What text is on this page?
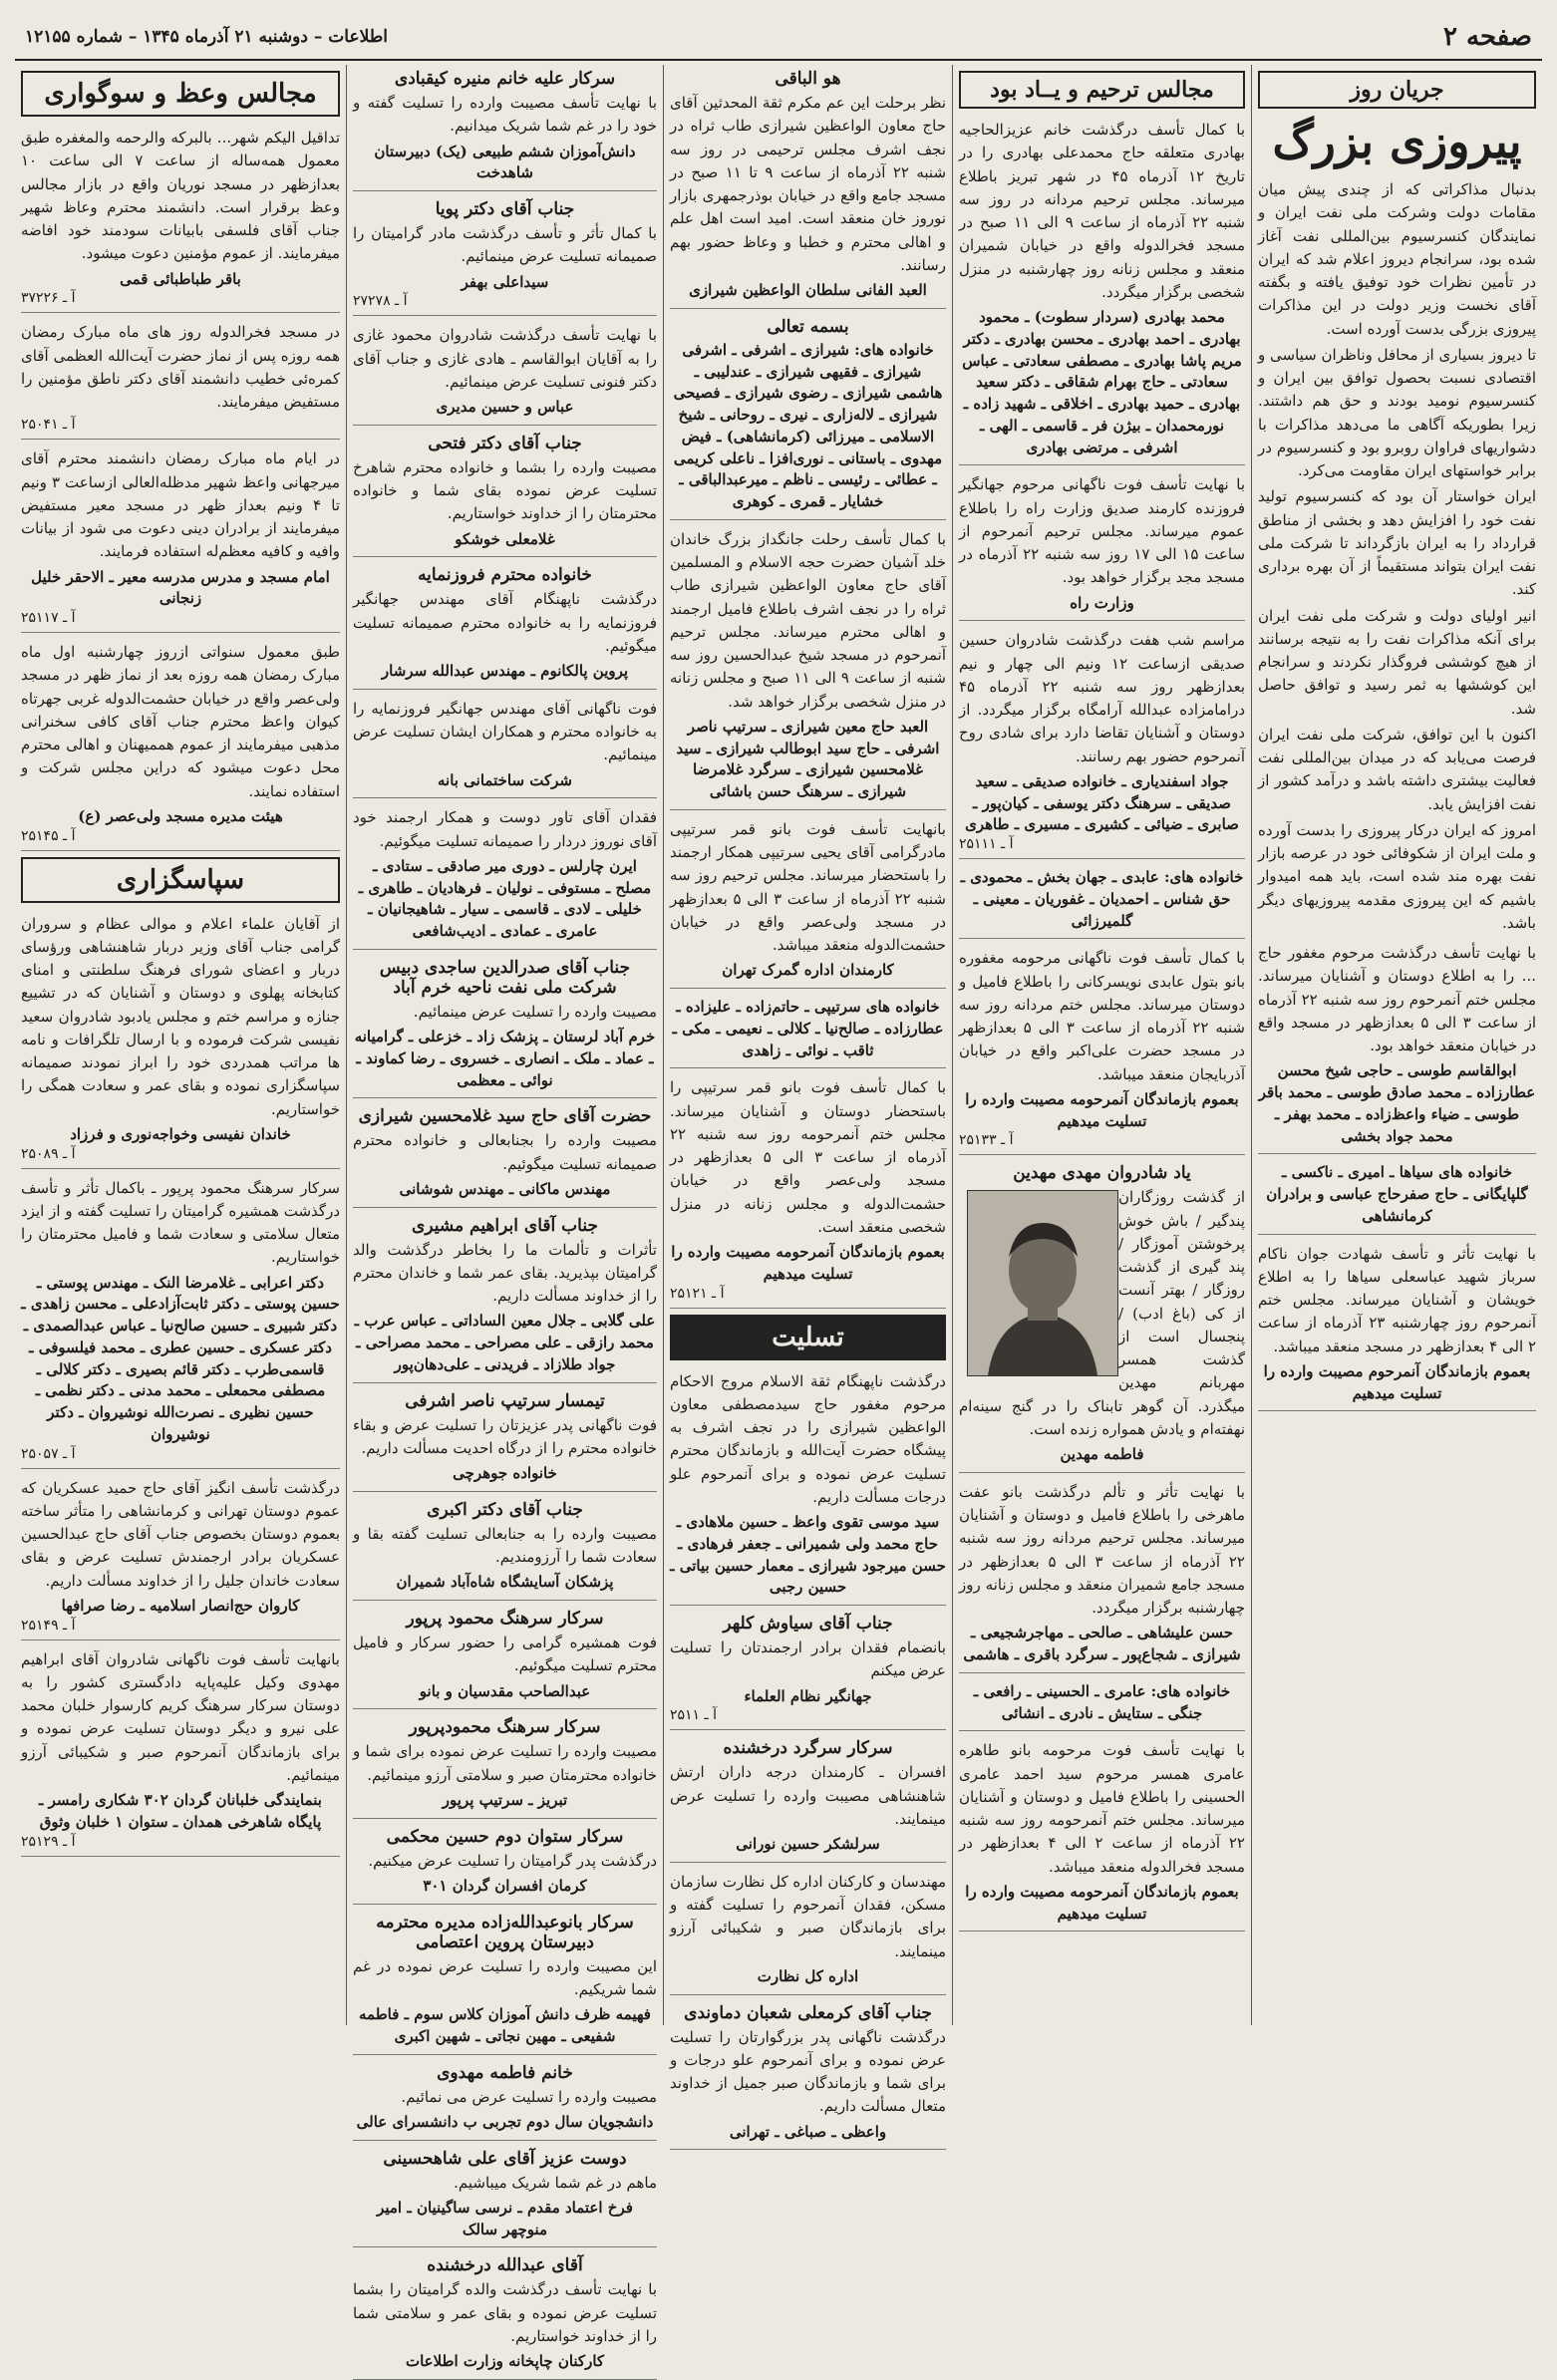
صفحه ۲
اطلاعات – دوشنبه ۲۱ آذرماه ۱۳۴۵ – شماره ۱۲۱۵۵
جریان روز
پیروزی بزرگ

بدنبال مذاکراتی که از چندی پیش میان مقامات دولت وشرکت ملی نفت ایران و نمایندگان کنسرسیوم بین‌المللی نفت آغاز شده بود، سرانجام دیروز اعلام شد که ایران در تأمین نظرات خود توفیق یافته و بگفته آقای نخست وزیر دولت در این مذاکرات پیروزی بزرگی بدست آورده است.

تا دیروز بسیاری از محافل وناظران سیاسی و اقتصادی نسبت بحصول توافق بین ایران و کنسرسیوم نومید بودند و حق هم داشتند. زیرا بطوریکه آگاهی ما می‌دهد مذاکرات با دشواریهای فراوان روبرو بود و کنسرسیوم در برابر خواستهای ایران مقاومت می‌کرد.

ایران خواستار آن بود که کنسرسیوم تولید نفت خود را افزایش دهد و بخشی از مناطق قرارداد را به ایران بازگرداند تا شرکت ملی نفت ایران بتواند مستقیماً از آن بهره برداری کند.

انیر اولیای دولت و شرکت ملی نفت ایران برای آنکه مذاکرات نفت را به نتیجه برسانند از هیچ کوششی فروگذار نکردند و سرانجام این کوششها به ثمر رسید و توافق حاصل شد.

اکنون با این توافق، شرکت ملی نفت ایران فرصت می‌یابد که در میدان بین‌المللی نفت فعالیت بیشتری داشته باشد و درآمد کشور از نفت افزایش یابد.

امروز که ایران درکار پیروزی را بدست آورده و ملت ایران از شکوفائی خود در عرصه بازار نفت بهره مند شده است، باید همه امیدوار باشیم که این پیروزی مقدمه پیروزیهای دیگر باشد.

با نهایت تأسف درگذشت مرحوم مغفور حاج ... را به اطلاع دوستان و آشنایان میرساند. مجلس ختم آنمرحوم روز سه شنبه ۲۲ آذرماه از ساعت ۳ الی ۵ بعدازظهر در مسجد واقع در خیابان منعقد خواهد بود.

ابوالقاسم طوسی ـ حاجی شیخ محسن عطارزاده ـ محمد صادق طوسی ـ محمد باقر طوسی ـ ضیاء واعظ‌زاده ـ محمد بهفر ـ محمد جواد بخشی
خانواده های سیاها ـ امیری ـ ناکسی ـ گلپایگانی ـ حاج صفرحاج عباسی و برادران کرمانشاهی

با نهایت تأثر و تأسف شهادت جوان ناکام سرباز شهید عباسعلی سیاها را به اطلاع خویشان و آشنایان میرساند. مجلس ختم آنمرحوم روز چهارشنبه ۲۳ آذرماه از ساعت ۲ الی ۴ بعدازظهر در مسجد منعقد میباشد.

بعموم بازماندگان آنمرحوم مصیبت وارده را تسلیت میدهیم
مجالس ترحیم و یــاد بود

با کمال تأسف درگذشت خانم عزیزالحاجیه بهادری متعلقه حاج محمدعلی بهادری را در تاریخ ۱۲ آذرماه ۴۵ در شهر تبریز باطلاع میرساند. مجلس ترحیم مردانه در روز سه شنبه ۲۲ آذرماه از ساعت ۹ الی ۱۱ صبح در مسجد فخرالدوله واقع در خیابان شمیران منعقد و مجلس زنانه روز چهارشنبه در منزل شخصی برگزار میگردد.

محمد بهادری (سردار سطوت) ـ محمود بهادری ـ احمد بهادری ـ محسن بهادری ـ دکتر مریم پاشا بهادری ـ مصطفی سعادتی ـ عباس سعادتی ـ حاج بهرام شقاقی ـ دکتر سعید بهادری ـ حمید بهادری ـ اخلاقی ـ شهید زاده ـ نورمحمدان ـ بیژن فر ـ قاسمی ـ الهی ـ اشرفی ـ مرتضی بهادری

با نهایت تأسف فوت ناگهانی مرحوم جهانگیر فروزنده کارمند صدیق وزارت راه را باطلاع عموم میرساند. مجلس ترحیم آنمرحوم از ساعت ۱۵ الی ۱۷ روز سه شنبه ۲۲ آذرماه در مسجد مجد برگزار خواهد بود.

وزارت راه

مراسم شب هفت درگذشت شادروان حسین صدیقی ازساعت ۱۲ ونیم الی چهار و نیم بعدازظهر روز سه شنبه ۲۲ آذرماه ۴۵ درامامزاده عبدالله آرامگاه برگزار میگردد. از دوستان و آشنایان تقاضا دارد برای شادی روح آنمرحوم حضور بهم رسانند.

جواد اسفندیاری ـ خانواده صدیقی ـ سعید صدیقی ـ سرهنگ دکتر یوسفی ـ کیان‌پور ـ صابری ـ ضیائی ـ کشیری ـ مسیری ـ طاهری
آ ـ ۲۵۱۱۱
خانواده های: عابدی ـ جهان بخش ـ محمودی ـ حق شناس ـ احمدیان ـ غفوریان ـ معینی ـ گلمیرزائی

با کمال تأسف فوت ناگهانی مرحومه مغفوره بانو بتول عابدی نویسرکانی را باطلاع فامیل و دوستان میرساند. مجلس ختم مردانه روز سه شنبه ۲۲ آذرماه از ساعت ۳ الی ۵ بعدازظهر در مسجد حضرت علی‌اکبر واقع در خیابان آذربایجان منعقد میباشد.

بعموم بازماندگان آنمرحومه مصیبت وارده را تسلیت میدهیم
آ ـ ۲۵۱۳۳
یاد شادروان مهدی مهدین

از گذشت روزگاران پندگیر / باش خوش پرخوشتن آموزگار / پند گیری از گذشت روزگار / بهتر آنست از کی (باغ ادب) / پنجسال است از گذشت همسر مهربانم مهدین میگذرد. آن گوهر تابناک را در گنج سینه‌ام نهفته‌ام و یادش همواره زنده است.

فاطمه مهدین

با نهایت تأثر و تألم درگذشت بانو عفت ماهرخی را باطلاع فامیل و دوستان و آشنایان میرساند. مجلس ترحیم مردانه روز سه شنبه ۲۲ آذرماه از ساعت ۳ الی ۵ بعدازظهر در مسجد جامع شمیران منعقد و مجلس زنانه روز چهارشنبه برگزار میگردد.

حسن علیشاهی ـ صالحی ـ مهاجرشجیعی ـ شیرازی ـ شجاع‌پور ـ سرگرد باقری ـ هاشمی
خانواده های: عامری ـ الحسینی ـ رافعی ـ جنگی ـ ستایش ـ نادری ـ انشائی

با نهایت تأسف فوت مرحومه بانو طاهره عامری همسر مرحوم سید احمد عامری الحسینی را باطلاع فامیل و دوستان و آشنایان میرساند. مجلس ختم آنمرحومه روز سه شنبه ۲۲ آذرماه از ساعت ۲ الی ۴ بعدازظهر در مسجد فخرالدوله منعقد میباشد.

بعموم بازماندگان آنمرحومه مصیبت وارده را تسلیت میدهیم
هو الباقی

نظر برحلت این عم مکرم ثقة المحدثین آقای حاج معاون الواعظین شیرازی طاب ثراه در نجف اشرف مجلس ترحیمی در روز سه شنبه ۲۲ آذرماه از ساعت ۹ تا ۱۱ صبح در مسجد جامع واقع در خیابان بوذرجمهری بازار نوروز خان منعقد است. امید است اهل علم و اهالی محترم و خطبا و وعاظ حضور بهم رسانند.

العبد الفانی سلطان الواعظین شیرازی
بسمه تعالی
خانواده های: شیرازی ـ اشرفی ـ اشرفی شیرازی ـ فقیهی شیرازی ـ عندلیبی ـ هاشمی شیرازی ـ رضوی شیرازی ـ فصیحی شیرازی ـ لاله‌زاری ـ نیری ـ روحانی ـ شیخ الاسلامی ـ میرزائی (کرمانشاهی) ـ فیض مهدوی ـ باستانی ـ نوری‌افزا ـ ناعلی کریمی ـ عطائی ـ رئیسی ـ ناظم ـ میرعبدالباقی ـ خشایار ـ قمری ـ کوهری

با کمال تأسف رحلت جانگداز بزرگ خاندان خلد آشیان حضرت حجه الاسلام و المسلمین آقای حاج معاون الواعظین شیرازی طاب ثراه را در نجف اشرف باطلاع فامیل ارجمند و اهالی محترم میرساند. مجلس ترحیم آنمرحوم در مسجد شیخ عبدالحسین روز سه شنبه از ساعت ۹ الی ۱۱ صبح و مجلس زنانه در منزل شخصی برگزار خواهد شد.

العبد حاج معین شیرازی ـ سرتیپ ناصر اشرفی ـ حاج سید ابوطالب شیرازی ـ سید غلامحسین شیرازی ـ سرگرد غلامرضا شیرازی ـ سرهنگ حسن باشائی

بانهایت تأسف فوت بانو قمر سرتیپی مادرگرامی آقای یحیی سرتیپی همکار ارجمند را باستحضار میرساند. مجلس ترحیم روز سه شنبه ۲۲ آذرماه از ساعت ۳ الی ۵ بعدازظهر در مسجد ولی‌عصر واقع در خیابان حشمت‌الدوله منعقد میباشد.

کارمندان اداره گمرک تهران
خانواده های سرتیپی ـ حاتم‌زاده ـ علیزاده ـ عطارزاده ـ صالح‌نیا ـ کلالی ـ نعیمی ـ مکی ـ ثاقب ـ نوائی ـ زاهدی

با کمال تأسف فوت بانو قمر سرتیپی را باستحضار دوستان و آشنایان میرساند. مجلس ختم آنمرحومه روز سه شنبه ۲۲ آذرماه از ساعت ۳ الی ۵ بعدازظهر در مسجد ولی‌عصر واقع در خیابان حشمت‌الدوله و مجلس زنانه در منزل شخصی منعقد است.

بعموم بازماندگان آنمرحومه مصیبت وارده را تسلیت میدهیم
آ ـ ۲۵۱۲۱
تسلیت

درگذشت ناپهنگام ثقة الاسلام مروج الاحکام مرحوم مغفور حاج سیدمصطفی معاون الواعظین شیرازی را در نجف اشرف به پیشگاه حضرت آیت‌الله و بازماندگان محترم تسلیت عرض نموده و برای آنمرحوم علو درجات مسألت داریم.

سید موسی تقوی واعظ ـ حسین ملاهادی ـ حاج محمد ولی شمیرانی ـ جعفر فرهادی ـ حسن میرجود شیرازی ـ معمار حسین بیاتی ـ حسین رجبی
جناب آقای سیاوش کلهر

بانضمام فقدان برادر ارجمندتان را تسلیت عرض میکنم

جهانگیر نظام العلماء
آ ـ ۲۵۱۱
سرکار سرگرد درخشنده

افسران ـ کارمندان درجه داران ارتش شاهنشاهی مصیبت وارده را تسلیت عرض مینمایند.

سرلشکر حسین نورانی

مهندسان و کارکنان اداره کل نظارت سازمان مسکن، فقدان آنمرحوم را تسلیت گفته و برای بازماندگان صبر و شکیبائی آرزو مینمایند.

اداره کل نظارت
جناب آقای کرمعلی شعبان دماوندی

درگذشت ناگهانی پدر بزرگوارتان را تسلیت عرض نموده و برای آنمرحوم علو درجات و برای شما و بازماندگان صبر جمیل از خداوند متعال مسألت داریم.

واعظی ـ صباغی ـ تهرانی
سرکار علیه خانم منیره کیقبادی

با نهایت تأسف مصیبت وارده را تسلیت گفته و خود را در غم شما شریک میدانیم.

دانش‌آموزان ششم طبیعی (یک) دبیرستان شاهدخت
جناب آقای دکتر پویا

با کمال تأثر و تأسف درگذشت مادر گرامیتان را صمیمانه تسلیت عرض مینمائیم.

سیداعلی بهفر
آ ـ ۲۷۲۷۸

با نهایت تأسف درگذشت شادروان محمود غازی را به آقایان ابوالقاسم ـ هادی غازی و جناب آقای دکتر فنونی تسلیت عرض مینمائیم.

عباس و حسین مدیری
جناب آقای دکتر فتحی

مصیبت وارده را بشما و خانواده محترم شاهرخ تسلیت عرض نموده بقای شما و خانواده محترمتان را از خداوند خواستاریم.

غلامعلی خوشکو
خانواده محترم فروزنمایه

درگذشت ناپهنگام آقای مهندس جهانگیر فروزنمایه را به خانواده محترم صمیمانه تسلیت میگوئیم.

پروین پالکانوم ـ مهندس عبدالله سرشار

فوت ناگهانی آقای مهندس جهانگیر فروزنمایه را به خانواده محترم و همکاران ایشان تسلیت عرض مینمائیم.

شرکت ساختمانی بانه

فقدان آقای تاور دوست و همکار ارجمند خود آقای نوروز دردار را صمیمانه تسلیت میگوئیم.

ایرن چارلس ـ دوری میر صادقی ـ ستادی ـ مصلح ـ مستوفی ـ نولیان ـ فرهادیان ـ طاهری ـ خلیلی ـ لادی ـ قاسمی ـ سیار ـ شاهیجانیان ـ عامری ـ عمادی ـ ادیب‌شافعی
جناب آقای صدرالدین ساجدی دبیس شرکت ملی نفت ناحیه خرم آباد

مصیبت وارده را تسلیت عرض مینمائیم.

خرم آباد لرستان ـ پزشک زاد ـ خزعلی ـ گرامیانه ـ عماد ـ ملک ـ انصاری ـ خسروی ـ رضا کماوند ـ نوائی ـ معظمی
حضرت آقای حاج سید غلامحسین شیرازی

مصیبت وارده را بجنابعالی و خانواده محترم صمیمانه تسلیت میگوئیم.

مهندس ماکانی ـ مهندس شوشانی
جناب آقای ابراهیم مشیری

تأثرات و تألمات ما را بخاطر درگذشت والد گرامیتان بپذیرید. بقای عمر شما و خاندان محترم را از خداوند مسألت داریم.

علی گلابی ـ جلال معین الساداتی ـ عباس عرب ـ محمد رازقی ـ علی مصراحی ـ محمد مصراحی ـ جواد طلازاد ـ فریدنی ـ علی‌دهان‌پور
تیمسار سرتیپ ناصر اشرفی

فوت ناگهانی پدر عزیزتان را تسلیت عرض و بقاء خانواده محترم را از درگاه احدیت مسألت داریم.

خانواده جوهرچی
جناب آقای دکتر اکبری

مصیبت وارده را به جنابعالی تسلیت گفته بقا و سعادت شما را آرزومندیم.

پزشکان آسایشگاه شاه‌آباد شمیران
سرکار سرهنگ محمود پرپور

فوت همشیره گرامی را حضور سرکار و فامیل محترم تسلیت میگوئیم.

عبدالصاحب مقدسیان و بانو
سرکار سرهنگ محمودپرپور

مصیبت وارده را تسلیت عرض نموده برای شما و خانواده محترمتان صبر و سلامتی آرزو مینمائیم.

تبریز ـ سرتیپ پرپور
سرکار ستوان دوم حسین محکمی

درگذشت پدر گرامیتان را تسلیت عرض میکنیم.

کرمان افسران گردان ۳۰۱
سرکار بانوعبدالله‌زاده مدیره محترمه دبیرستان پروین اعتصامی

این مصیبت وارده را تسلیت عرض نموده در غم شما شریکیم.

فهیمه ظرف دانش آموزان کلاس سوم ـ فاطمه شفیعی ـ مهین نجاتی ـ شهین اکبری
خانم فاطمه مهدوی

مصیبت وارده را تسلیت عرض می نمائیم.

دانشجویان سال دوم تجربی ب دانشسرای عالی
دوست عزیز آقای علی شاهحسینی

ماهم در غم شما شریک میباشیم.

فرخ اعتماد مقدم ـ نرسی ساگینیان ـ امیر منوچهر سالک
آقای عبدالله درخشنده

با نهایت تأسف درگذشت والده گرامیتان را بشما تسلیت عرض نموده و بقای عمر و سلامتی شما را از خداوند خواستاریم.

کارکنان چاپخانه وزارت اطلاعات
مجالس وعظ و سوگواری

تداقیل الیکم شهر... بالبرکه والرحمه والمغفره طبق معمول همه‌ساله از ساعت ۷ الی ساعت ۱۰ بعدازظهر در مسجد نوریان واقع در بازار مجالس وعظ برقرار است. دانشمند محترم وعاظ شهیر جناب آقای فلسفی بابیانات سودمند خود افاضه میفرمایند. از عموم مؤمنین دعوت میشود.

باقر طباطبائی قمی
آ ـ ۳۷۲۲۶

در مسجد فخرالدوله روز های ماه مبارک رمضان همه روزه پس از نماز حضرت آیت‌الله العظمی آقای کمره‌ئی خطیب دانشمند آقای دکتر ناطق مؤمنین را مستفیض میفرمایند.

آ ـ ۲۵۰۴۱

در ایام ماه مبارک رمضان دانشمند محترم آقای میرجهانی واعظ شهیر مدظله‌العالی ازساعت ۳ ونیم تا ۴ ونیم بعداز ظهر در مسجد معیر مستفیض میفرمایند از برادران دینی دعوت می شود از بیانات وافیه و کافیه معظم‌له استفاده فرمایند.

امام مسجد و مدرس مدرسه معیر ـ الاحقر خلیل زنجانی
آ ـ ۲۵۱۱۷

طبق معمول سنواتی ازروز چهارشنبه اول ماه مبارک رمضان همه روزه بعد از نماز ظهر در مسجد ولی‌عصر واقع در خیابان حشمت‌الدوله غربی جهرتاه کیوان واعظ محترم جناب آقای کافی سخنرانی مذهبی میفرمایند از عموم هممیهنان و اهالی محترم محل دعوت میشود که دراین مجلس شرکت و استفاده نمایند.

هیئت مدیره مسجد ولی‌عصر (ع)
آ ـ ۲۵۱۴۵
سپاسگزاری

از آقایان علماء اعلام و موالی عظام و سروران گرامی جناب آقای وزیر دربار شاهنشاهی ورؤسای دربار و اعضای شورای فرهنگ سلطنتی و امنای کتابخانه پهلوی و دوستان و آشنایان که در تشییع جنازه و مراسم ختم و مجلس یادبود شادروان سعید نفیسی شرکت فرموده و با ارسال تلگرافات و نامه ها مراتب همدردی خود را ابراز نمودند صمیمانه سپاسگزاری نموده و بقای عمر و سعادت همگی را خواستاریم.

خاندان نفیسی وخواجه‌نوری و فرزاد
آ ـ ۲۵۰۸۹

سرکار سرهنگ محمود پرپور ـ باکمال تأثر و تأسف درگذشت همشیره گرامیتان را تسلیت گفته و از ایزد متعال سلامتی و سعادت شما و فامیل محترمتان را خواستاریم.

دکتر اعرابی ـ غلامرضا النک ـ مهندس پوستی ـ حسین پوستی ـ دکتر ثابت‌آزادعلی ـ محسن زاهدی ـ دکتر شبیری ـ حسین صالح‌نیا ـ عباس عبدالصمدی ـ دکتر عسکری ـ حسین عطری ـ محمد فیلسوفی ـ قاسمی‌طرب ـ دکتر قائم بصیری ـ دکتر کلالی ـ مصطفی محمعلی ـ محمد مدنی ـ دکتر نظمی ـ حسین نظیری ـ نصرت‌الله نوشیروان ـ دکتر نوشیروان
آ ـ ۲۵۰۵۷

درگذشت تأسف انگیز آقای حاج حمید عسکریان که عموم دوستان تهرانی و کرمانشاهی را متأثر ساخته بعموم دوستان بخصوص جناب آقای حاج عبدالحسین عسکریان برادر ارجمندش تسلیت عرض و بقای سعادت خاندان جلیل را از خداوند مسألت داریم.

کاروان حج‌انصار اسلامیه ـ رضا صرافها
آ ـ ۲۵۱۴۹

بانهایت تأسف فوت ناگهانی شادروان آقای ابراهیم مهدوی وکیل علیه‌پایه دادگستری کشور را به دوستان سرکار سرهنگ کریم کارسوار خلبان محمد علی نیرو و دیگر دوستان تسلیت عرض نموده و برای بازماندگان آنمرحوم صبر و شکیبائی آرزو مینمائیم.

بنمایندگی خلبانان گردان ۳۰۲ شکاری رامسر ـ پایگاه شاهرخی همدان ـ ستوان ۱ خلبان وثوق
آ ـ ۲۵۱۲۹
